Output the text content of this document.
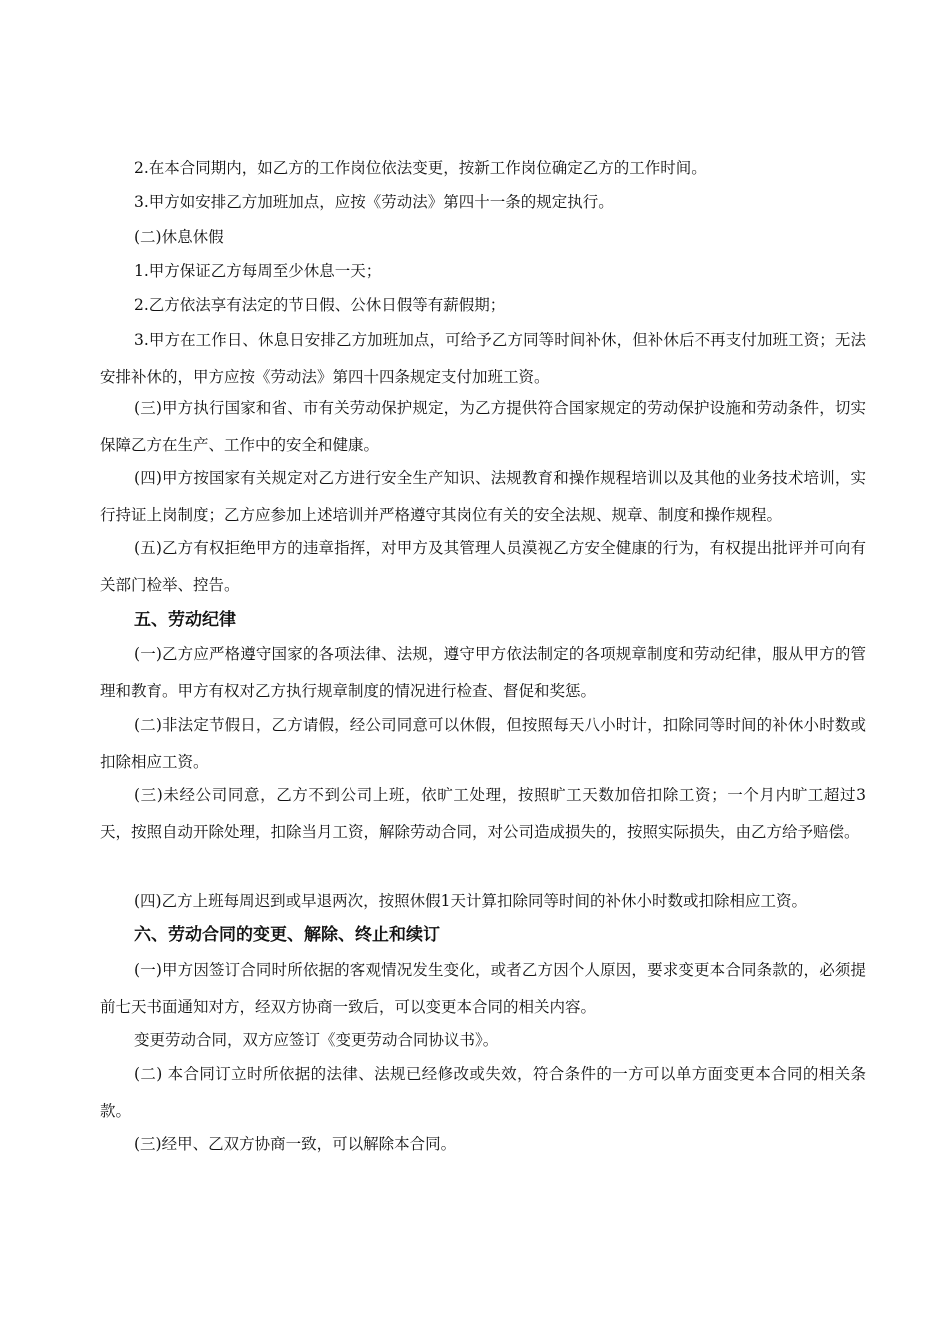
2.在本合同期内，如乙方的工作岗位依法变更，按新工作岗位确定乙方的工作时间。

3.甲方如安排乙方加班加点，应按《劳动法》第四十一条的规定执行。

(二)休息休假

1.甲方保证乙方每周至少休息一天；

2.乙方依法享有法定的节日假、公休日假等有薪假期；

3.甲方在工作日、休息日安排乙方加班加点，可给予乙方同等时间补休，但补休后不再支付加班工资；无法安排补休的，甲方应按《劳动法》第四十四条规定支付加班工资。

(三)甲方执行国家和省、市有关劳动保护规定，为乙方提供符合国家规定的劳动保护设施和劳动条件，切实保障乙方在生产、工作中的安全和健康。

(四)甲方按国家有关规定对乙方进行安全生产知识、法规教育和操作规程培训以及其他的业务技术培训，实行持证上岗制度；乙方应参加上述培训并严格遵守其岗位有关的安全法规、规章、制度和操作规程。

(五)乙方有权拒绝甲方的违章指挥，对甲方及其管理人员漠视乙方安全健康的行为，有权提出批评并可向有关部门检举、控告。

五、劳动纪律

(一)乙方应严格遵守国家的各项法律、法规，遵守甲方依法制定的各项规章制度和劳动纪律，服从甲方的管理和教育。甲方有权对乙方执行规章制度的情况进行检查、督促和奖惩。

(二)非法定节假日，乙方请假，经公司同意可以休假，但按照每天八小时计，扣除同等时间的补休小时数或扣除相应工资。

(三)未经公司同意，乙方不到公司上班，依旷工处理，按照旷工天数加倍扣除工资；一个月内旷工超过3天，按照自动开除处理，扣除当月工资，解除劳动合同，对公司造成损失的，按照实际损失，由乙方给予赔偿。

(四)乙方上班每周迟到或早退两次，按照休假1天计算扣除同等时间的补休小时数或扣除相应工资。

六、劳动合同的变更、解除、终止和续订

(一)甲方因签订合同时所依据的客观情况发生变化，或者乙方因个人原因，要求变更本合同条款的，必须提前七天书面通知对方，经双方协商一致后，可以变更本合同的相关内容。

变更劳动合同，双方应签订《变更劳动合同协议书》。

(二) 本合同订立时所依据的法律、法规已经修改或失效，符合条件的一方可以单方面变更本合同的相关条款。

(三)经甲、乙双方协商一致，可以解除本合同。
